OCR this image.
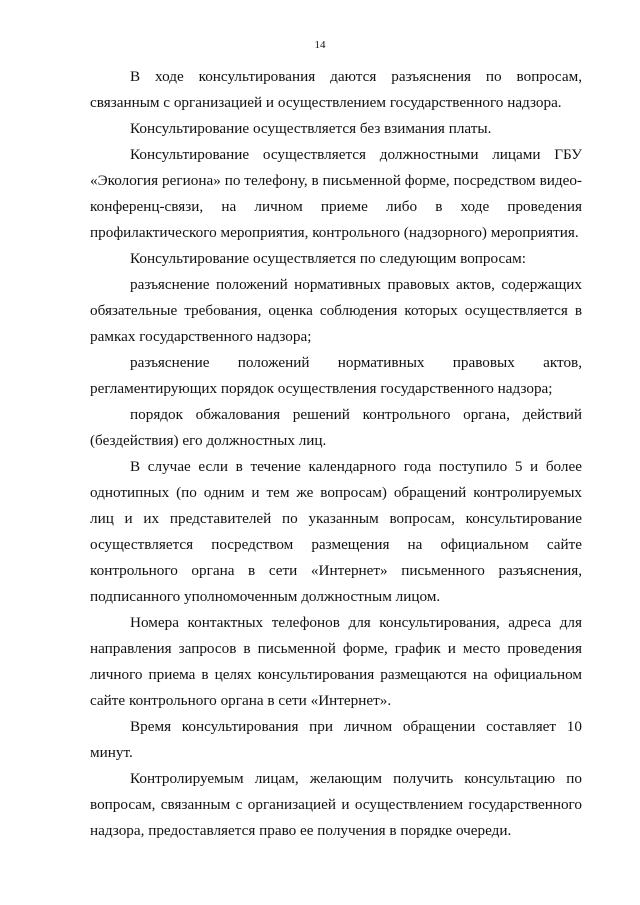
14

В ходе консультирования даются разъяснения по вопросам, связанным с организацией и осуществлением государственного надзора.

Консультирование осуществляется без взимания платы.

Консультирование осуществляется должностными лицами ГБУ «Экология региона» по телефону, в письменной форме, посредством видео-конференц-связи, на личном приеме либо в ходе проведения профилактического мероприятия, контрольного (надзорного) мероприятия.

Консультирование осуществляется по следующим вопросам:

разъяснение положений нормативных правовых актов, содержащих обязательные требования, оценка соблюдения которых осуществляется в рамках государственного надзора;

разъяснение положений нормативных правовых актов, регламентирующих порядок осуществления государственного надзора;

порядок обжалования решений контрольного органа, действий (бездействия) его должностных лиц.

В случае если в течение календарного года поступило 5 и более однотипных (по одним и тем же вопросам) обращений контролируемых лиц и их представителей по указанным вопросам, консультирование осуществляется посредством размещения на официальном сайте контрольного органа в сети «Интернет» письменного разъяснения, подписанного уполномоченным должностным лицом.

Номера контактных телефонов для консультирования, адреса для направления запросов в письменной форме, график и место проведения личного приема в целях консультирования размещаются на официальном сайте контрольного органа в сети «Интернет».

Время консультирования при личном обращении составляет 10 минут.

Контролируемым лицам, желающим получить консультацию по вопросам, связанным с организацией и осуществлением государственного надзора, предоставляется право ее получения в порядке очереди.
